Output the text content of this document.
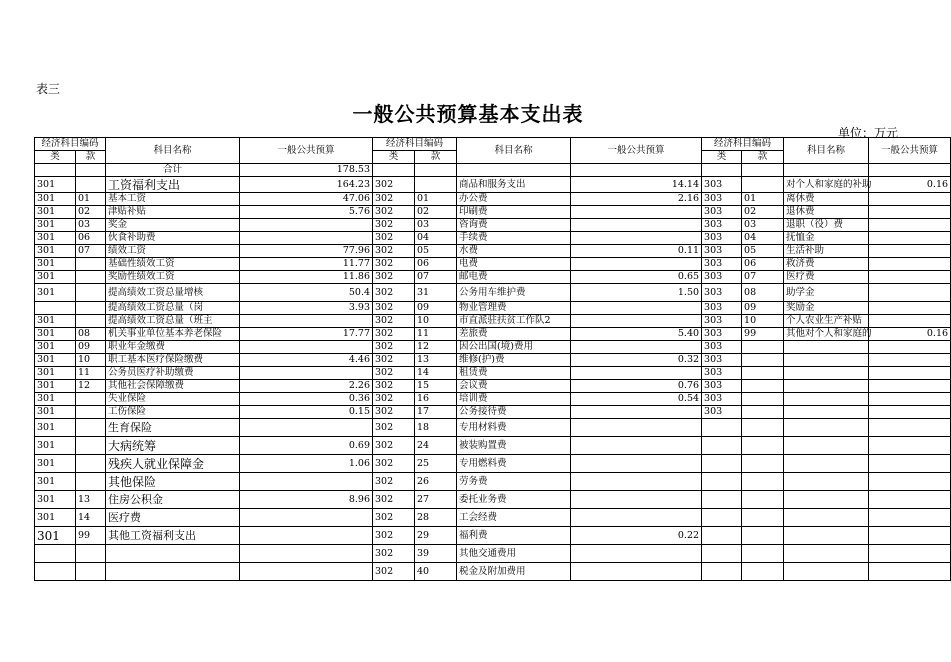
表三
一般公共预算基本支出表
单位：万元
经济科目编码		科目名称	一般公共预算	经济科目编码		科目名称	一般公共预算	经济科目编码		科目名称	一般公共预算
类	款			类	款			类	款		
		合计	178.53								
301		工资福利支出	164.23	302		商品和服务支出	14.14	303		对个人和家庭的补助	0.16
301	01	基本工资	47.06	302	01	办公费	2.16	303	01	离休费	
301	02	津贴补贴	5.76	302	02	印刷费		303	02	退休费	
301	03	奖金		302	03	咨询费		303	03	退职（役）费	
301	06	伙食补助费		302	04	手续费		303	04	抚恤金	
301	07	绩效工资	77.96	302	05	水费	0.11	303	05	生活补助	
301		基础性绩效工资	11.77	302	06	电费		303	06	救济费	
301		奖励性绩效工资	11.86	302	07	邮电费	0.65	303	07	医疗费	
301		提高绩效工资总量增核	50.4	302	31	公务用车维护费	1.50	303	08	助学金	
		提高绩效工资总量（岗	3.93	302	09	物业管理费		303	09	奖励金	
301		提高绩效工资总量（班主		302	10	市直派驻扶贫工作队2		303	10	个人农业生产补贴	
301	08	机关事业单位基本养老保险	17.77	302	11	差旅费	5.40	303	99	其他对个人和家庭的	0.16
301	09	职业年金缴费		302	12	因公出国(境)费用		303			
301	10	职工基本医疗保险缴费	4.46	302	13	维修(护)费	0.32	303			
301	11	公务员医疗补助缴费		302	14	租赁费		303			
301	12	其他社会保障缴费	2.26	302	15	会议费	0.76	303			
301		失业保险	0.36	302	16	培训费	0.54	303			
301		工伤保险	0.15	302	17	公务接待费		303			
301		生育保险		302	18	专用材料费					
301		大病统筹	0.69	302	24	被装购置费					
301		残疾人就业保障金	1.06	302	25	专用燃料费					
301		其他保险		302	26	劳务费					
301	13	住房公积金	8.96	302	27	委托业务费					
301	14	医疗费		302	28	工会经费					
301	99	其他工资福利支出		302	29	福利费	0.22				
				302	39	其他交通费用					
				302	40	税金及附加费用					
